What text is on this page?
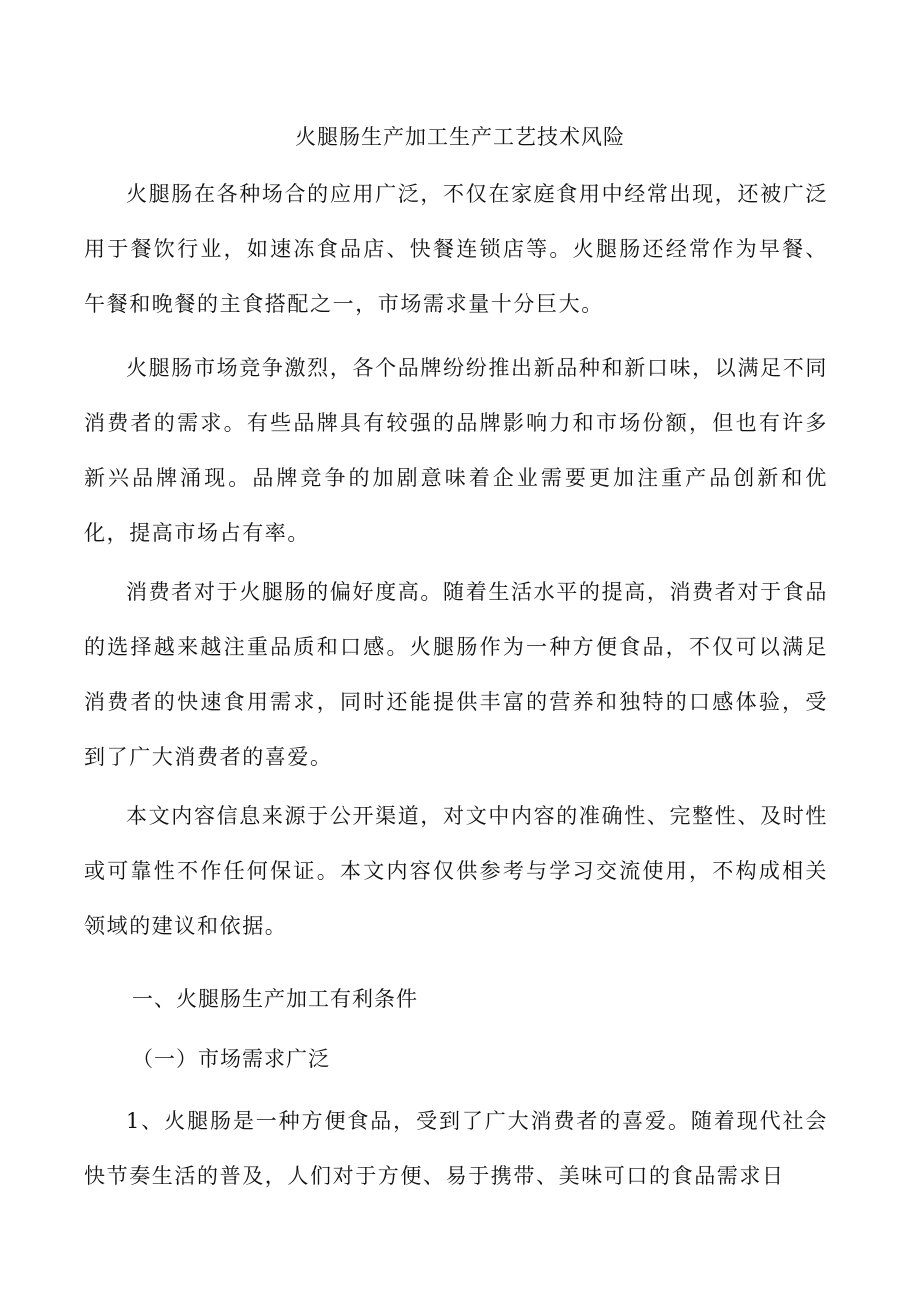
火腿肠生产加工生产工艺技术风险

火腿肠在各种场合的应用广泛，不仅在家庭食用中经常出现，还被广泛用于餐饮行业，如速冻食品店、快餐连锁店等。火腿肠还经常作为早餐、午餐和晚餐的主食搭配之一，市场需求量十分巨大。

火腿肠市场竞争激烈，各个品牌纷纷推出新品种和新口味，以满足不同消费者的需求。有些品牌具有较强的品牌影响力和市场份额，但也有许多新兴品牌涌现。品牌竞争的加剧意味着企业需要更加注重产品创新和优化，提高市场占有率。

消费者对于火腿肠的偏好度高。随着生活水平的提高，消费者对于食品的选择越来越注重品质和口感。火腿肠作为一种方便食品，不仅可以满足消费者的快速食用需求，同时还能提供丰富的营养和独特的口感体验，受到了广大消费者的喜爱。

本文内容信息来源于公开渠道，对文中内容的准确性、完整性、及时性或可靠性不作任何保证。本文内容仅供参考与学习交流使用，不构成相关领域的建议和依据。

一、火腿肠生产加工有利条件
（一）市场需求广泛

1、火腿肠是一种方便食品，受到了广大消费者的喜爱。随着现代社会快节奏生活的普及，人们对于方便、易于携带、美味可口的食品需求日
